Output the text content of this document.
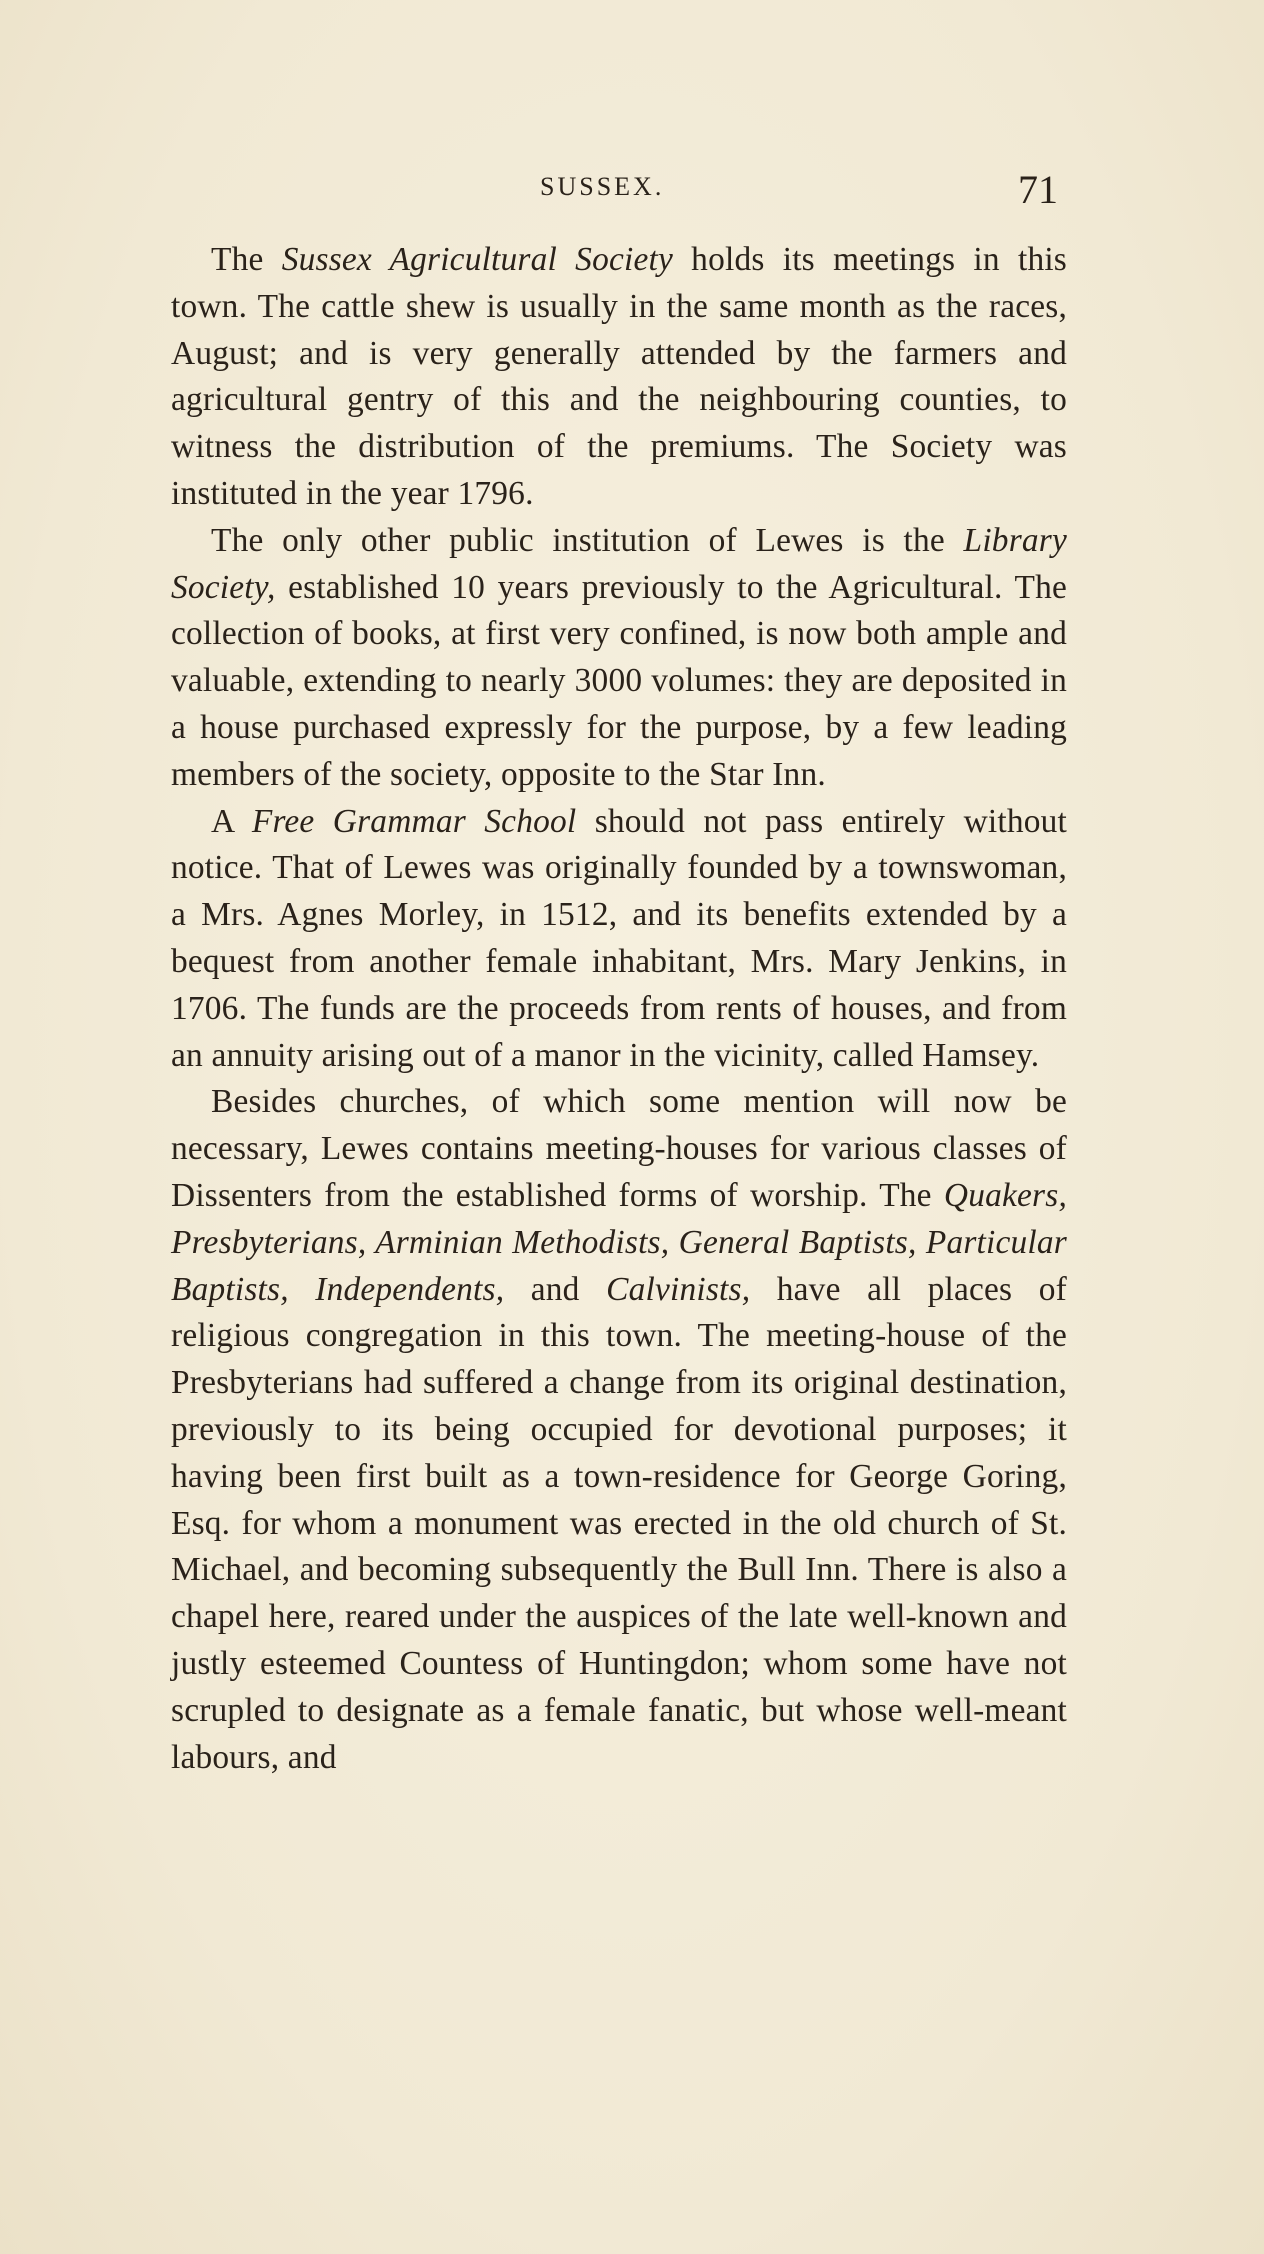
SUSSEX.	71

The Sussex Agricultural Society holds its meetings in this town. The cattle shew is usually in the same month as the races, August; and is very generally attended by the farmers and agricultural gentry of this and the neighbouring counties, to witness the distribution of the premiums. The Society was instituted in the year 1796.

The only other public institution of Lewes is the Library Society, established 10 years previously to the Agricultural. The collection of books, at first very confined, is now both ample and valuable, extending to nearly 3000 volumes: they are deposited in a house purchased expressly for the purpose, by a few leading members of the society, opposite to the Star Inn.

A Free Grammar School should not pass entirely without notice. That of Lewes was originally founded by a townswoman, a Mrs. Agnes Morley, in 1512, and its benefits extended by a bequest from another female inhabitant, Mrs. Mary Jenkins, in 1706. The funds are the proceeds from rents of houses, and from an annuity arising out of a manor in the vicinity, called Hamsey.

Besides churches, of which some mention will now be necessary, Lewes contains meeting-houses for various classes of Dissenters from the established forms of worship. The Quakers, Presbyterians, Arminian Methodists, General Baptists, Particular Baptists, Independents, and Calvinists, have all places of religious congregation in this town. The meeting-house of the Presbyterians had suffered a change from its original destination, previously to its being occupied for devotional purposes; it having been first built as a town-residence for George Goring, Esq. for whom a monument was erected in the old church of St. Michael, and becoming subsequently the Bull Inn. There is also a chapel here, reared under the auspices of the late well-known and justly esteemed Countess of Huntingdon; whom some have not scrupled to designate as a female fanatic, but whose well-meant labours, and
